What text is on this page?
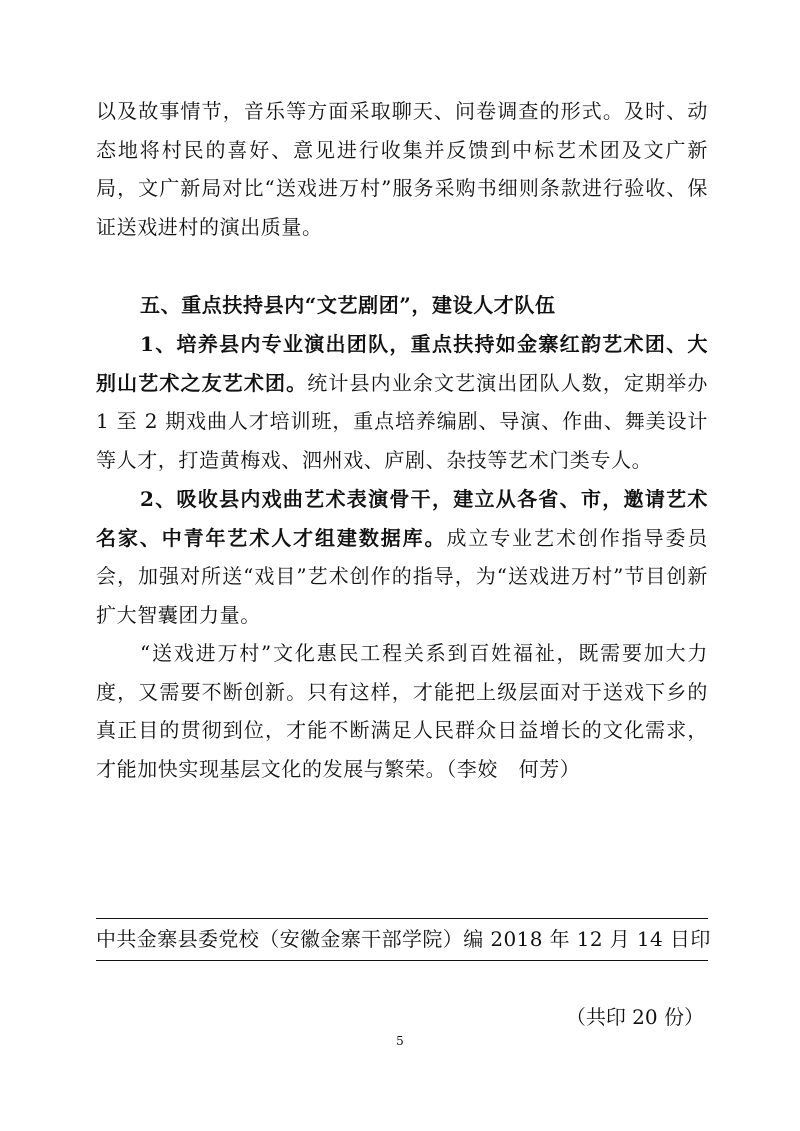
以及故事情节，音乐等方面采取聊天、问卷调查的形式。及时、动态地将村民的喜好、意见进行收集并反馈到中标艺术团及文广新局，文广新局对比“送戏进万村”服务采购书细则条款进行验收、保证送戏进村的演出质量。

五、重点扶持县内“文艺剧团”，建设人才队伍

1、培养县内专业演出团队，重点扶持如金寨红韵艺术团、大别山艺术之友艺术团。统计县内业余文艺演出团队人数，定期举办 1 至 2 期戏曲人才培训班，重点培养编剧、导演、作曲、舞美设计等人才，打造黄梅戏、泗州戏、庐剧、杂技等艺术门类专人。

2、吸收县内戏曲艺术表演骨干，建立从各省、市，邀请艺术名家、中青年艺术人才组建数据库。成立专业艺术创作指导委员会，加强对所送“戏目”艺术创作的指导，为“送戏进万村”节目创新扩大智囊团力量。

“送戏进万村”文化惠民工程关系到百姓福祉，既需要加大力度，又需要不断创新。只有这样，才能把上级层面对于送戏下乡的真正目的贯彻到位，才能不断满足人民群众日益增长的文化需求，才能加快实现基层文化的发展与繁荣。（李姣　何芳）

中共金寨县委党校（安徽金寨干部学院）编 2018 年 12 月 14 日印

（共印 20 份）

5
